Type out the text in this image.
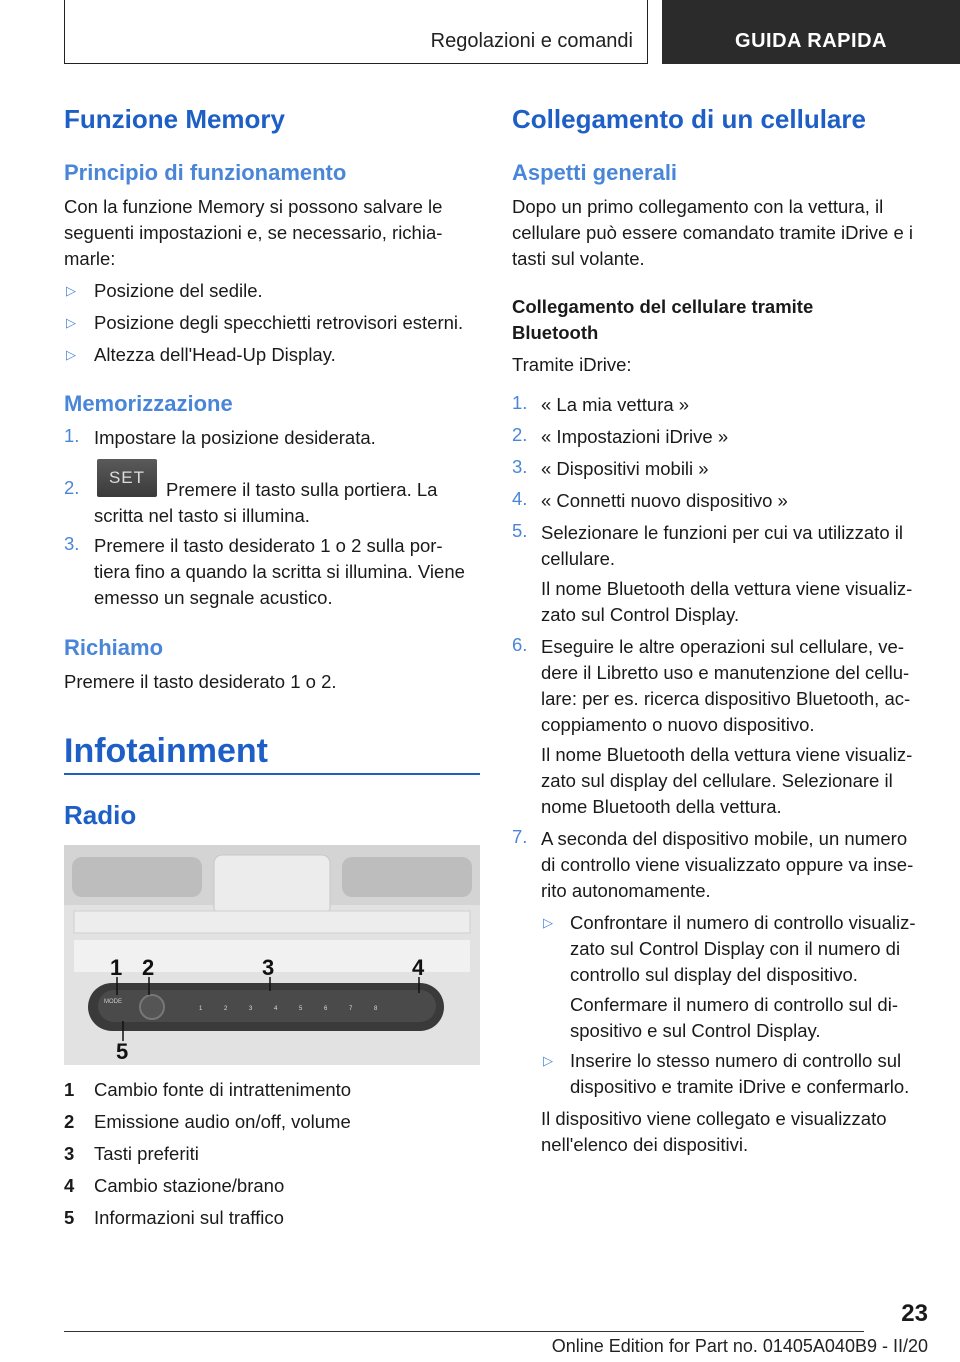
Regolazioni e comandi	GUIDA RAPIDA
Funzione Memory
Principio di funzionamento

Con la funzione Memory si possono salvare le

seguenti impostazioni e, se necessario, richia-

marle:

▷ Posizione del sedile.

▷ Posizione degli specchietti retrovisori esterni.

▷ Altezza dell'Head-Up Display.

Memorizzazione
1. Impostare la posizione desiderata.

2.	SET

Premere il tasto sulla portiera. La

scritta nel tasto si illumina.

3. Premere il tasto desiderato 1 o 2 sulla por-

tiera fino a quando la scritta si illumina. Viene

emesso un segnale acustico.

Richiamo

Premere il tasto desiderato 1 o 2.

Infotainment
Radio
MODE
1	2	3	4	5	6	7	8
1 2	3	4
5
1 Cambio fonte di intrattenimento

2 Emissione audio on/off, volume

3 Tasti preferiti

4 Cambio stazione/brano

5 Informazioni sul traffico

Collegamento di un cellulare
Aspetti generali

Dopo un primo collegamento con la vettura, il

cellulare può essere comandato tramite iDrive e i

tasti sul volante.

Collegamento del cellulare tramite

Bluetooth

Tramite iDrive:

1. « La mia vettura »

2. « Impostazioni iDrive »

3. « Dispositivi mobili »

4. « Connetti nuovo dispositivo »

5. Selezionare le funzioni per cui va utilizzato il

cellulare.

Il nome Bluetooth della vettura viene visualiz-

zato sul Control Display.

6. Eseguire le altre operazioni sul cellulare, ve-

dere il Libretto uso e manutenzione del cellu-

lare: per es. ricerca dispositivo Bluetooth, ac-

coppiamento o nuovo dispositivo.

Il nome Bluetooth della vettura viene visualiz-

zato sul display del cellulare. Selezionare il

nome Bluetooth della vettura.

7. A seconda del dispositivo mobile, un numero

di controllo viene visualizzato oppure va inse-

rito autonomamente.

▷ Confrontare il numero di controllo visualiz-

zato sul Control Display con il numero di

controllo sul display del dispositivo.

Confermare il numero di controllo sul di-

spositivo e sul Control Display.

▷ Inserire lo stesso numero di controllo sul

dispositivo e tramite iDrive e confermarlo.

Il dispositivo viene collegato e visualizzato

nell'elenco dei dispositivi.

23
Online Edition for Part no. 01405A040B9 - II/20
